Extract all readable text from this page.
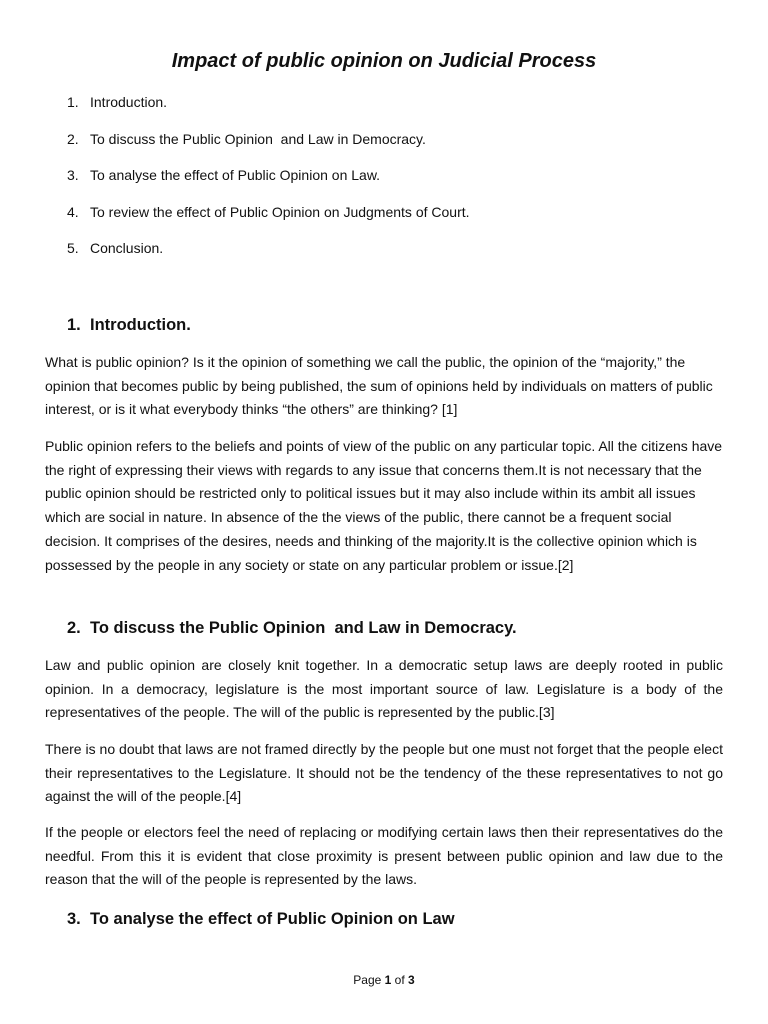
Impact of public opinion on Judicial Process
1. Introduction.
2. To discuss the Public Opinion  and Law in Democracy.
3. To analyse the effect of Public Opinion on Law.
4. To review the effect of Public Opinion on Judgments of Court.
5. Conclusion.
1. Introduction.

What is public opinion? Is it the opinion of something we call the public, the opinion of the “majority,” the opinion that becomes public by being published, the sum of opinions held by individuals on matters of public interest, or is it what everybody thinks “the others” are thinking? [1]

Public opinion refers to the beliefs and points of view of the public on any particular topic. All the citizens have the right of expressing their views with regards to any issue that concerns them.It is not necessary that the public opinion should be restricted only to political issues but it may also include within its ambit all issues which are social in nature. In absence of the the views of the public, there cannot be a frequent social decision. It comprises of the desires, needs and thinking of the majority.It is the collective opinion which is possessed by the people in any society or state on any particular problem or issue.[2]

2. To discuss the Public Opinion  and Law in Democracy.

Law and public opinion are closely knit together. In a democratic setup laws are deeply rooted in public opinion. In a democracy, legislature is the most important source of law. Legislature is a body of the representatives of the people. The will of the public is represented by the public.[3]

There is no doubt that laws are not framed directly by the people but one must not forget that the people elect their representatives to the Legislature. It should not be the tendency of the these representatives to not go against the will of the people.[4]

If the people or electors feel the need of replacing or modifying certain laws then their representatives do the needful. From this it is evident that close proximity is present between public opinion and law due to the reason that the will of the people is represented by the laws.

3. To analyse the effect of Public Opinion on Law
Page 1 of 3
